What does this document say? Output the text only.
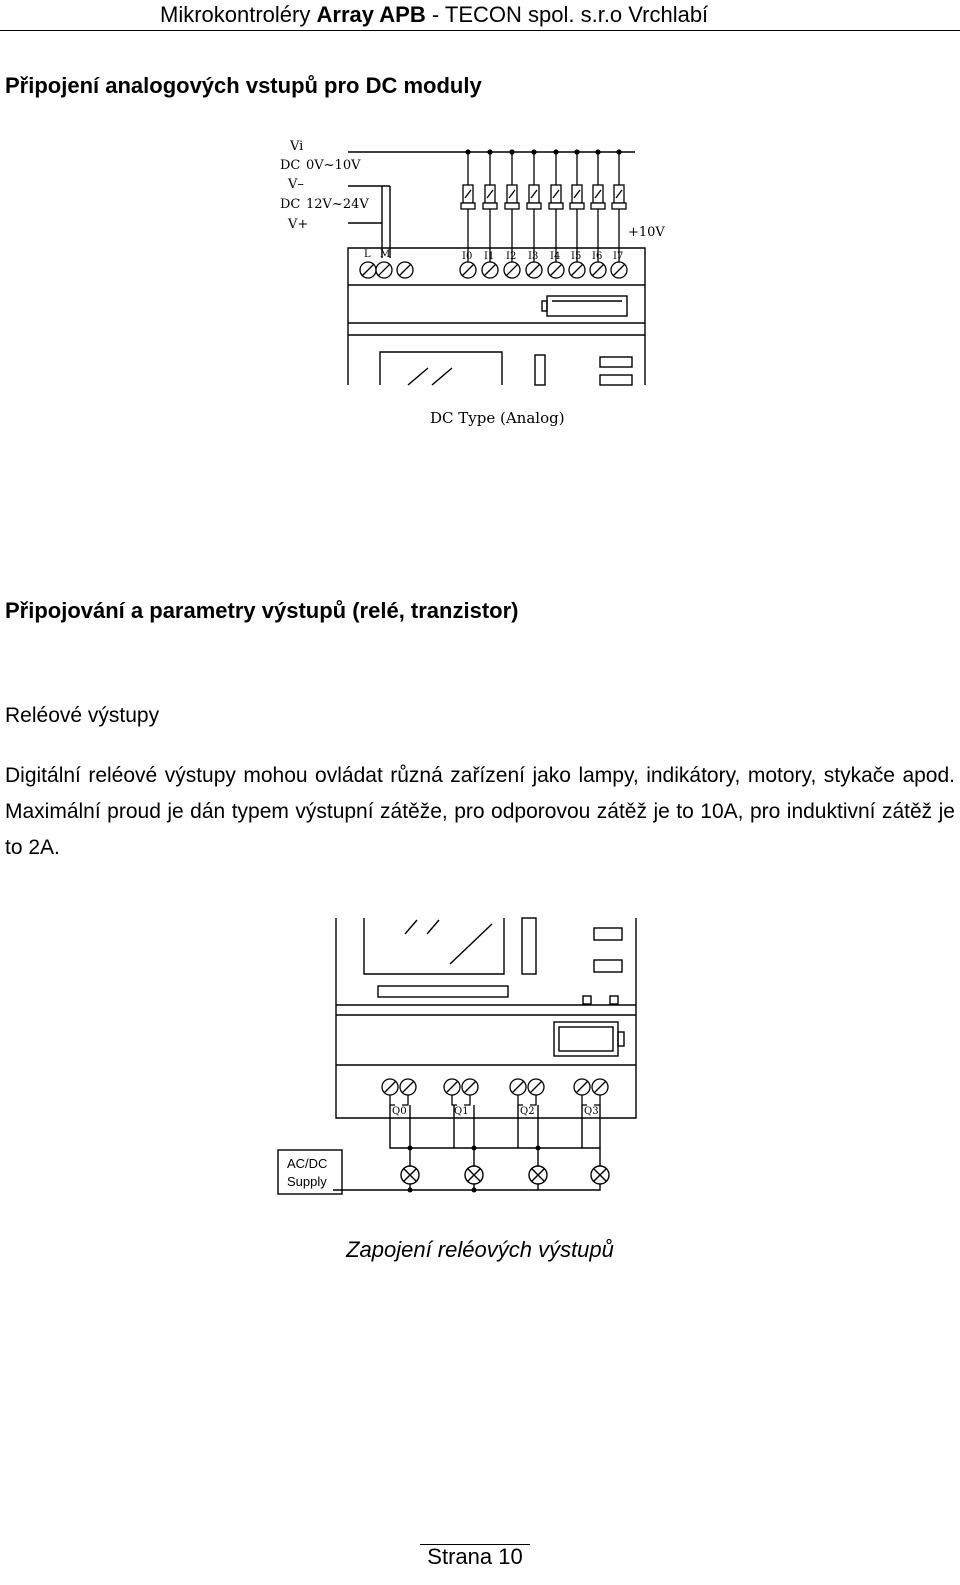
Mikrokontroléry Array APB - TECON spol. s.r.o Vrchlabí
Připojení analogových vstupů pro DC moduly
Vi
DC 0V~10V
V–
DC 12V~24V
V+
+10V
L M	I0 I1 I2 I3 I4 I5 I6 I7
DC Type (Analog)
Připojování a parametry výstupů (relé, tranzistor)
Reléové výstupy
Digitální reléové výstupy mohou ovládat různá zařízení jako lampy, indikátory, motory, stykače apod. Maximální proud je dán typem výstupní zátěže, pro odporovou zátěž je to 10A, pro induktivní zátěž je to 2A.
Q0	Q1	Q2	Q3
AC/DC
Supply
Zapojení reléových výstupů
Strana 10
